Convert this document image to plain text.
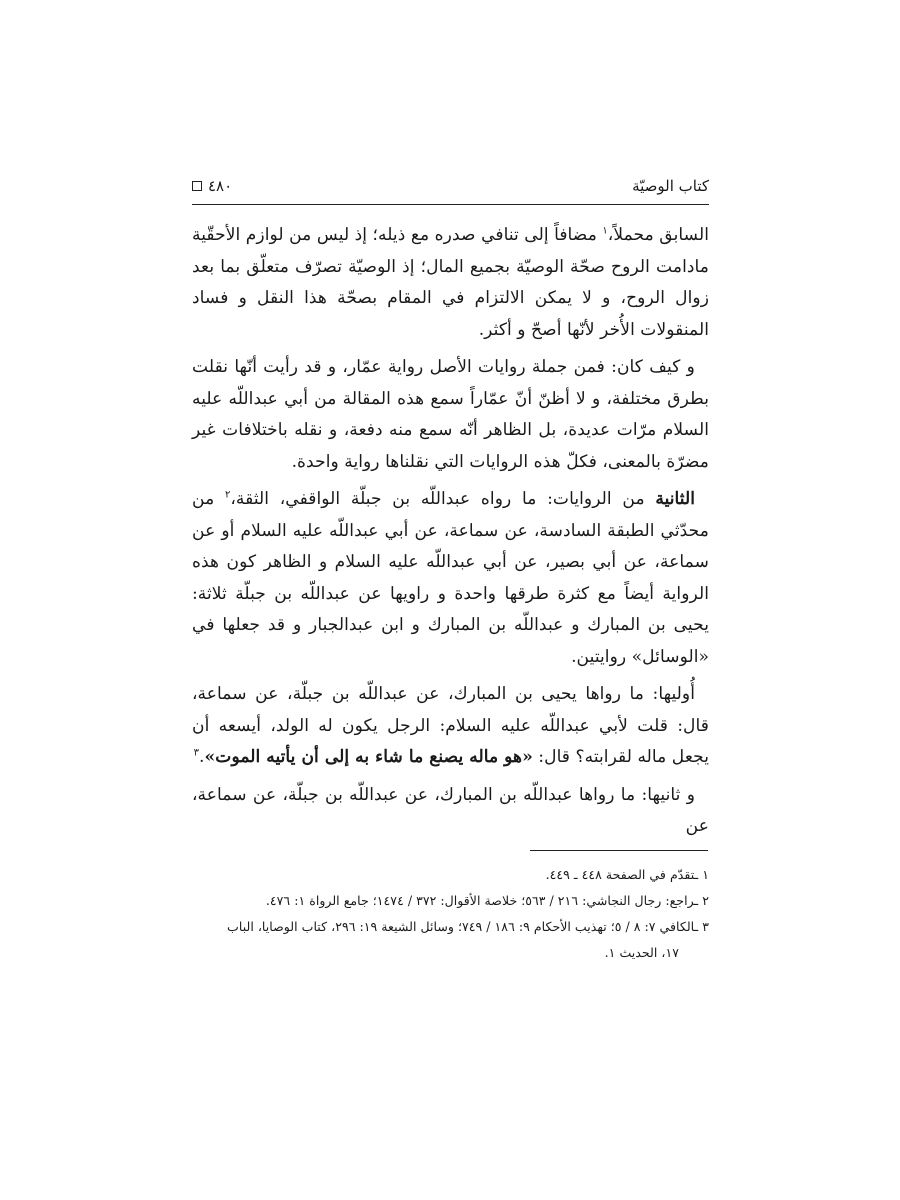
كتاب الوصيّة
٤٨٠

السابق محملاً،$^١$ مضافاً إلى تنافي صدره مع ذيله؛ إذ ليس من لوازم الأحقّية مادامت الروح صحّة الوصيّة بجميع المال؛ إذ الوصيّة تصرّف متعلّق بما بعد زوال الروح، و لا يمكن الالتزام في المقام بصحّة هذا النقل و فساد المنقولات الأُخر لأنّها أصحّ و أكثر.

و كيف كان: فمن جملة روايات الأصل رواية عمّار، و قد رأيت أنّها نقلت بطرق مختلفة، و لا أظنّ أنّ عمّاراً سمع هذه المقالة من أبي عبداللّه عليه السلام مرّات عديدة، بل الظاهر أنّه سمع منه دفعة، و نقله باختلافات غير مضرّة بالمعنى، فكلّ هذه الروايات التي نقلناها رواية واحدة.

الثانية من الروايات: ما رواه عبداللّه بن جبلّة الواقفي، الثقة،$^٢$ من محدّثي الطبقة السادسة، عن سماعة، عن أبي عبداللّه عليه السلام أو عن سماعة، عن أبي بصير، عن أبي عبداللّه عليه السلام و الظاهر كون هذه الرواية أيضاً مع كثرة طرقها واحدة و راويها عن عبداللّه بن جبلّة ثلاثة: يحيى بن المبارك و عبداللّه بن المبارك و ابن عبدالجبار و قد جعلها في «الوسائل» روايتين.

أُوليها: ما رواها يحيى بن المبارك، عن عبداللّه بن جبلّة، عن سماعة، قال: قلت لأبي عبداللّه عليه السلام: الرجل يكون له الولد، أيسعه أن يجعل ماله لقرابته؟ قال: «هو ماله يصنع ما شاء به إلى أن يأتيه الموت».$^٣$

و ثانيها: ما رواها عبداللّه بن المبارك، عن عبداللّه بن جبلّة، عن سماعة، عن

١ ـتقدّم في الصفحة ٤٤٨ ـ ٤٤٩.
٢ ـراجع: رجال النجاشي: ٢١٦ / ٥٦٣؛ خلاصة الأقوال: ٣٧٢ / ١٤٧٤؛ جامع الرواة ١: ٤٧٦.
٣ ـالكافي ٧: ٨ / ٥؛ تهذيب الأحكام ٩: ١٨٦ / ٧٤٩؛ وسائل الشيعة ١٩: ٢٩٦، كتاب الوصايا، الباب
١٧، الحديث ١.
